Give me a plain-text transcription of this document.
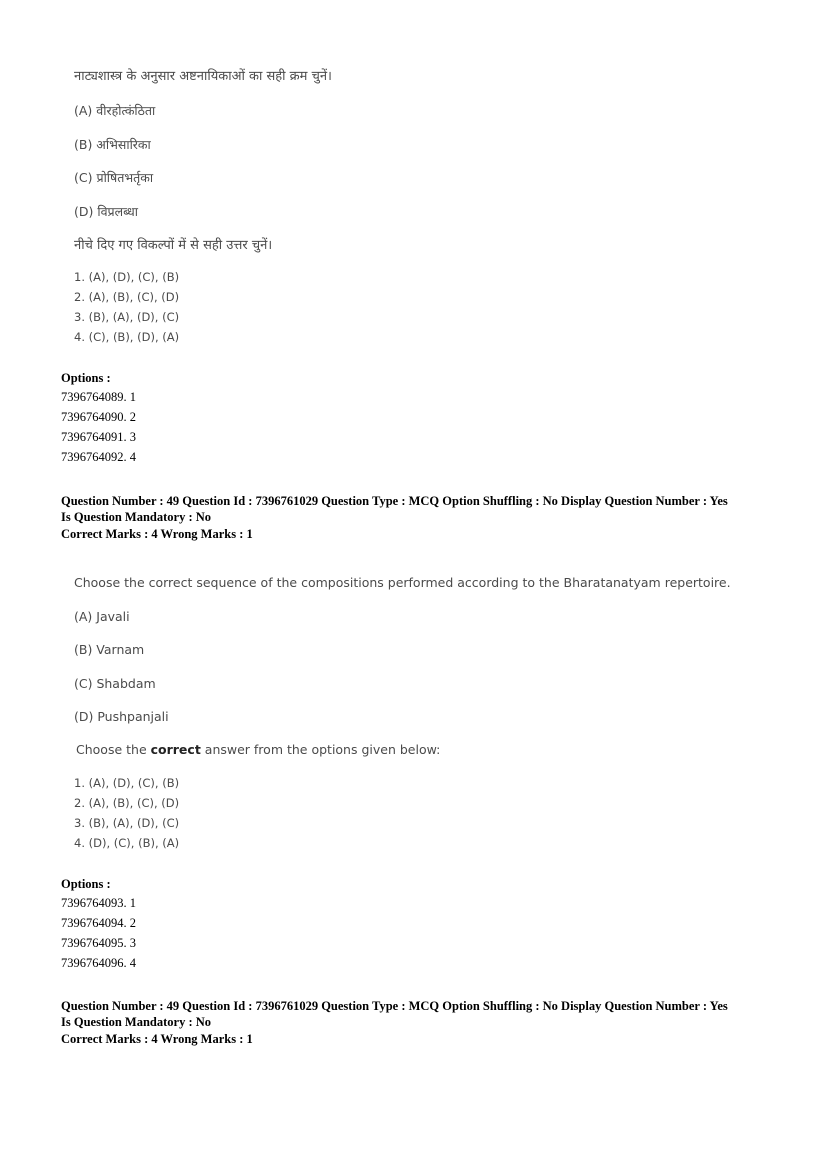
नाट्यशास्त्र के अनुसार अष्टनायिकाओं का सही क्रम चुनें।
(A) वीरहोत्कंठिता
(B) अभिसारिका
(C) प्रोषितभर्तृका
(D) विप्रलब्धा
नीचे दिए गए विकल्पों में से सही उत्तर चुनें।
1. (A), (D), (C), (B)
2. (A), (B), (C), (D)
3. (B), (A), (D), (C)
4. (C), (B), (D), (A)
Options :
7396764089. 1
7396764090. 2
7396764091. 3
7396764092. 4
Question Number : 49 Question Id : 7396761029 Question Type : MCQ Option Shuffling : No Display Question Number : Yes
Is Question Mandatory : No
Correct Marks : 4 Wrong Marks : 1
Choose the correct sequence of the compositions performed according to the Bharatanatyam repertoire.
(A) Javali
(B) Varnam
(C) Shabdam
(D) Pushpanjali
Choose the correct answer from the options given below:
1. (A), (D), (C), (B)
2. (A), (B), (C), (D)
3. (B), (A), (D), (C)
4. (D), (C), (B), (A)
Options :
7396764093. 1
7396764094. 2
7396764095. 3
7396764096. 4
Question Number : 49 Question Id : 7396761029 Question Type : MCQ Option Shuffling : No Display Question Number : Yes
Is Question Mandatory : No
Correct Marks : 4 Wrong Marks : 1
